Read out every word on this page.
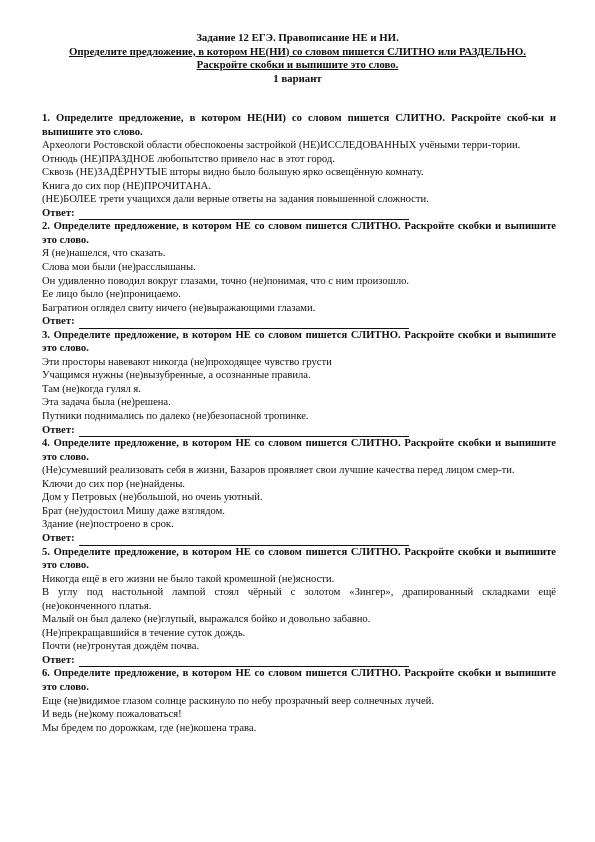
Задание 12 ЕГЭ. Правописание НЕ и НИ.
Определите предложение, в котором НЕ(НИ) со словом пишется СЛИТНО или РАЗДЕЛЬНО.
Раскройте скобки и выпишите это слово.
1 вариант
1. Определите предложение, в котором НЕ(НИ) со словом пишется СЛИТНО. Раскройте скоб-ки и выпишите это слово.
Археологи Ростовской области обеспокоены застройкой (НЕ)ИССЛЕДОВАННЫХ учёными терри-тории.
Отнюдь (НЕ)ПРАЗДНОЕ любопытство привело нас в этот город.
Сквозь (НЕ)ЗАДЁРНУТЫЕ шторы видно было большую ярко освещённую комнату.
Книга до сих пор (НЕ)ПРОЧИТАНА.
(НЕ)БОЛЕЕ трети учащихся дали верные ответы на задания повышенной сложности.
Ответ:
2. Определите предложение, в котором НЕ со словом пишется СЛИТНО. Раскройте скобки и выпишите это слово.
Я (не)нашелся, что сказать.
Слова мои были (не)расслышаны.
Он удивленно поводил вокруг глазами, точно (не)понимая, что с ним произошло.
Ее лицо было (не)проницаемо.
Багратион оглядел свиту ничего (не)выражающими глазами.
Ответ:
3. Определите предложение, в котором НЕ со словом пишется СЛИТНО. Раскройте скобки и выпишите это слово.
Эти просторы навевают никогда (не)проходящее чувство грусти
Учащимся нужны (не)вызубренные, а осознанные правила.
Там (не)когда гулял я.
Эта задача была (не)решена.
Путники поднимались по далеко (не)безопасной тропинке.
Ответ:
4. Определите предложение, в котором НЕ со словом пишется СЛИТНО. Раскройте скобки и выпишите это слово.
(Не)сумевший реализовать себя в жизни, Базаров проявляет свои лучшие качества перед лицом смер-ти.
Ключи до сих пор (не)найдены.
Дом у Петровых (не)большой, но очень уютный.
Брат (не)удостоил Мишу даже взглядом.
Здание (не)построено в срок.
Ответ:
5. Определите предложение, в котором НЕ со словом пишется СЛИТНО. Раскройте скобки и выпишите это слово.
Никогда ещё в его жизни не было такой кромешной (не)ясности.
В углу под настольной лампой стоял чёрный с золотом «Зингер», драпированный складками ещё (не)оконченного платья.
Малый он был далеко (не)глупый, выражался бойко и довольно забавно.
(Не)прекращавшийся в течение суток дождь.
Почти (не)тронутая дождём почва.
Ответ:
6. Определите предложение, в котором НЕ со словом пишется СЛИТНО. Раскройте скобки и выпишите это слово.
Еще (не)видимое глазом солнце раскинуло по небу прозрачный веер солнечных лучей.
И ведь (не)кому пожаловаться!
Мы бредем по дорожкам, где (не)кошена трава.
